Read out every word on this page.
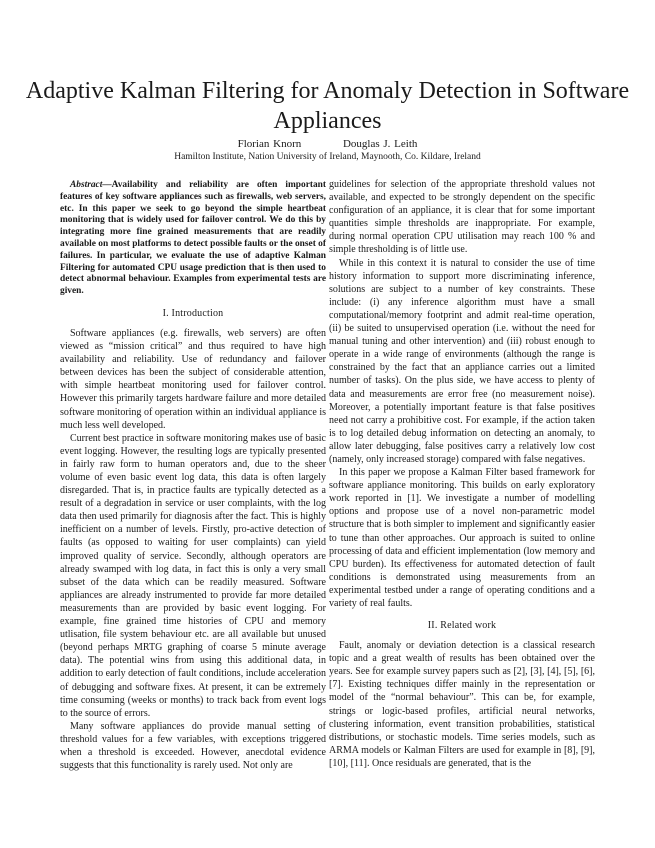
Adaptive Kalman Filtering for Anomaly Detection in Software Appliances
Florian Knorn	Douglas J. Leith
Hamilton Institute, Nation University of Ireland, Maynooth, Co. Kildare, Ireland

Abstract—Availability and reliability are often important features of key software appliances such as firewalls, web servers, etc. In this paper we seek to go beyond the simple heartbeat monitoring that is widely used for failover control. We do this by integrating more fine grained measurements that are readily available on most platforms to detect possible faults or the onset of failures. In particular, we evaluate the use of adaptive Kalman Filtering for automated CPU usage prediction that is then used to detect abnormal behaviour. Examples from experimental tests are given.

I. Introduction

Software appliances (e.g. firewalls, web servers) are often viewed as “mission critical” and thus required to have high availability and reliability. Use of redundancy and failover between devices has been the subject of considerable attention, with simple heartbeat monitoring used for failover control. However this primarily targets hardware failure and more detailed software monitoring of operation within an individual appliance is much less well developed.

Current best practice in software monitoring makes use of basic event logging. However, the resulting logs are typically presented in fairly raw form to human operators and, due to the sheer volume of even basic event log data, this data is often largely disregarded. That is, in practice faults are typically detected as a result of a degradation in service or user complaints, with the log data then used primarily for diagnosis after the fact. This is highly inefficient on a number of levels. Firstly, pro-active detection of faults (as opposed to waiting for user complaints) can yield improved quality of service. Secondly, although operators are already swamped with log data, in fact this is only a very small subset of the data which can be readily measured. Software appliances are already instrumented to provide far more detailed measurements than are provided by basic event logging. For example, fine grained time histories of CPU and memory utlisation, file system behaviour etc. are all available but unused (beyond perhaps MRTG graphing of coarse 5 minute average data). The potential wins from using this additional data, in addition to early detection of fault conditions, include acceleration of debugging and software fixes. At present, it can be extremely time consuming (weeks or months) to track back from event logs to the source of errors.

Many software appliances do provide manual setting of threshold values for a few variables, with exceptions triggered when a threshold is exceeded. However, anecdotal evidence suggests that this functionality is rarely used. Not only are

guidelines for selection of the appropriate threshold values not available, and expected to be strongly dependent on the specific configuration of an appliance, it is clear that for some important quantities simple thresholds are inappropriate. For example, during normal operation CPU utilisation may reach 100 % and simple thresholding is of little use.

While in this context it is natural to consider the use of time history information to support more discriminating inference, solutions are subject to a number of key constraints. These include: (i) any inference algorithm must have a small computational/memory footprint and admit real-time operation, (ii) be suited to unsupervised operation (i.e. without the need for manual tuning and other intervention) and (iii) robust enough to operate in a wide range of environments (although the range is constrained by the fact that an appliance carries out a limited number of tasks). On the plus side, we have access to plenty of data and measurements are error free (no measurement noise). Moreover, a potentially important feature is that false positives need not carry a prohibitive cost. For example, if the action taken is to log detailed debug information on detecting an anomaly, to allow later debugging, false positives carry a relatively low cost (namely, only increased storage) compared with false negatives.

In this paper we propose a Kalman Filter based framework for software appliance monitoring. This builds on early exploratory work reported in [1]. We investigate a number of modelling options and propose use of a novel non-parametric model structure that is both simpler to implement and significantly easier to tune than other approaches. Our approach is suited to online processing of data and efficient implementation (low memory and CPU burden). Its effectiveness for automated detection of fault conditions is demonstrated using measurements from an experimental testbed under a range of operating conditions and a variety of real faults.

II. Related work

Fault, anomaly or deviation detection is a classical research topic and a great wealth of results has been obtained over the years. See for example survey papers such as [2], [3], [4], [5], [6], [7]. Existing techniques differ mainly in the representation or model of the “normal behaviour”. This can be, for example, strings or logic-based profiles, artificial neural networks, clustering information, event transition probabilities, statistical distributions, or stochastic models. Time series models, such as ARMA models or Kalman Filters are used for example in [8], [9], [10], [11]. Once residuals are generated, that is the
